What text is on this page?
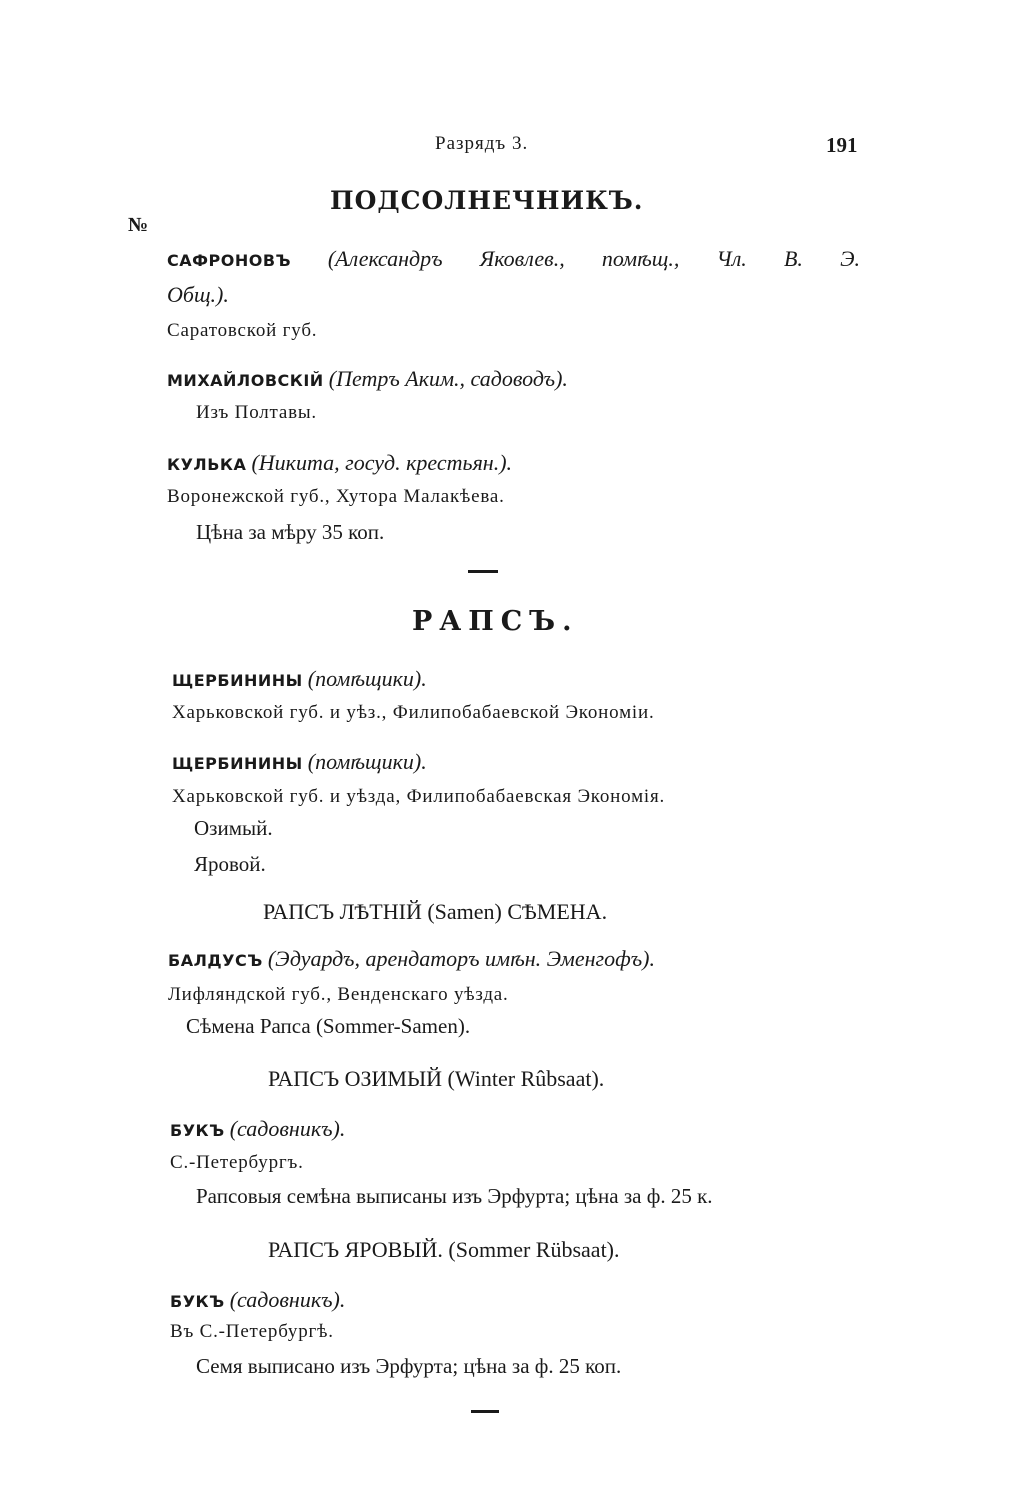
Разрядъ 3.	191
№
ПОДСОЛНЕЧНИКЪ.
САФРОНОВЪ (Александръ Яковлев., помѣщ., Чл. В. Э.
Общ.).
Саратовской губ.
МИХАЙЛОВСКІЙ (Петръ Аким., садоводъ).
Изъ Полтавы.
КУЛЬКА (Никита, госуд. крестьян.).
Воронежской губ., Хутора Малакѣева.
Цѣна за мѣру 35 коп.
РАПСЪ.
ЩЕРБИНИНЫ (помѣщики).
Харьковской губ. и уѣз., Филипобабаевской Экономіи.
ЩЕРБИНИНЫ (помѣщики).
Харьковской губ. и уѣзда, Филипобабаевская Экономія.
Озимый.
Яровой.
РАПСЪ ЛѢТНІЙ (Samen) СѢМЕНА.
БАЛДУСЪ (Эдуардъ, арендаторъ имѣн. Эменгофъ).
Лифляндской губ., Венденскаго уѣзда.
Сѣмена Рапса (Sommer-Samen).
РАПСЪ ОЗИМЫЙ (Winter Rûbsaat).
БУКЪ (садовникъ).
С.-Петербургъ.
Рапсовыя семѣна выписаны изъ Эрфурта; цѣна за ф. 25 к.
РАПСЪ ЯРОВЫЙ. (Sommer Rübsaat).
БУКЪ (садовникъ).
Въ С.-Петербургѣ.
Семя выписано изъ Эрфурта; цѣна за ф. 25 коп.
